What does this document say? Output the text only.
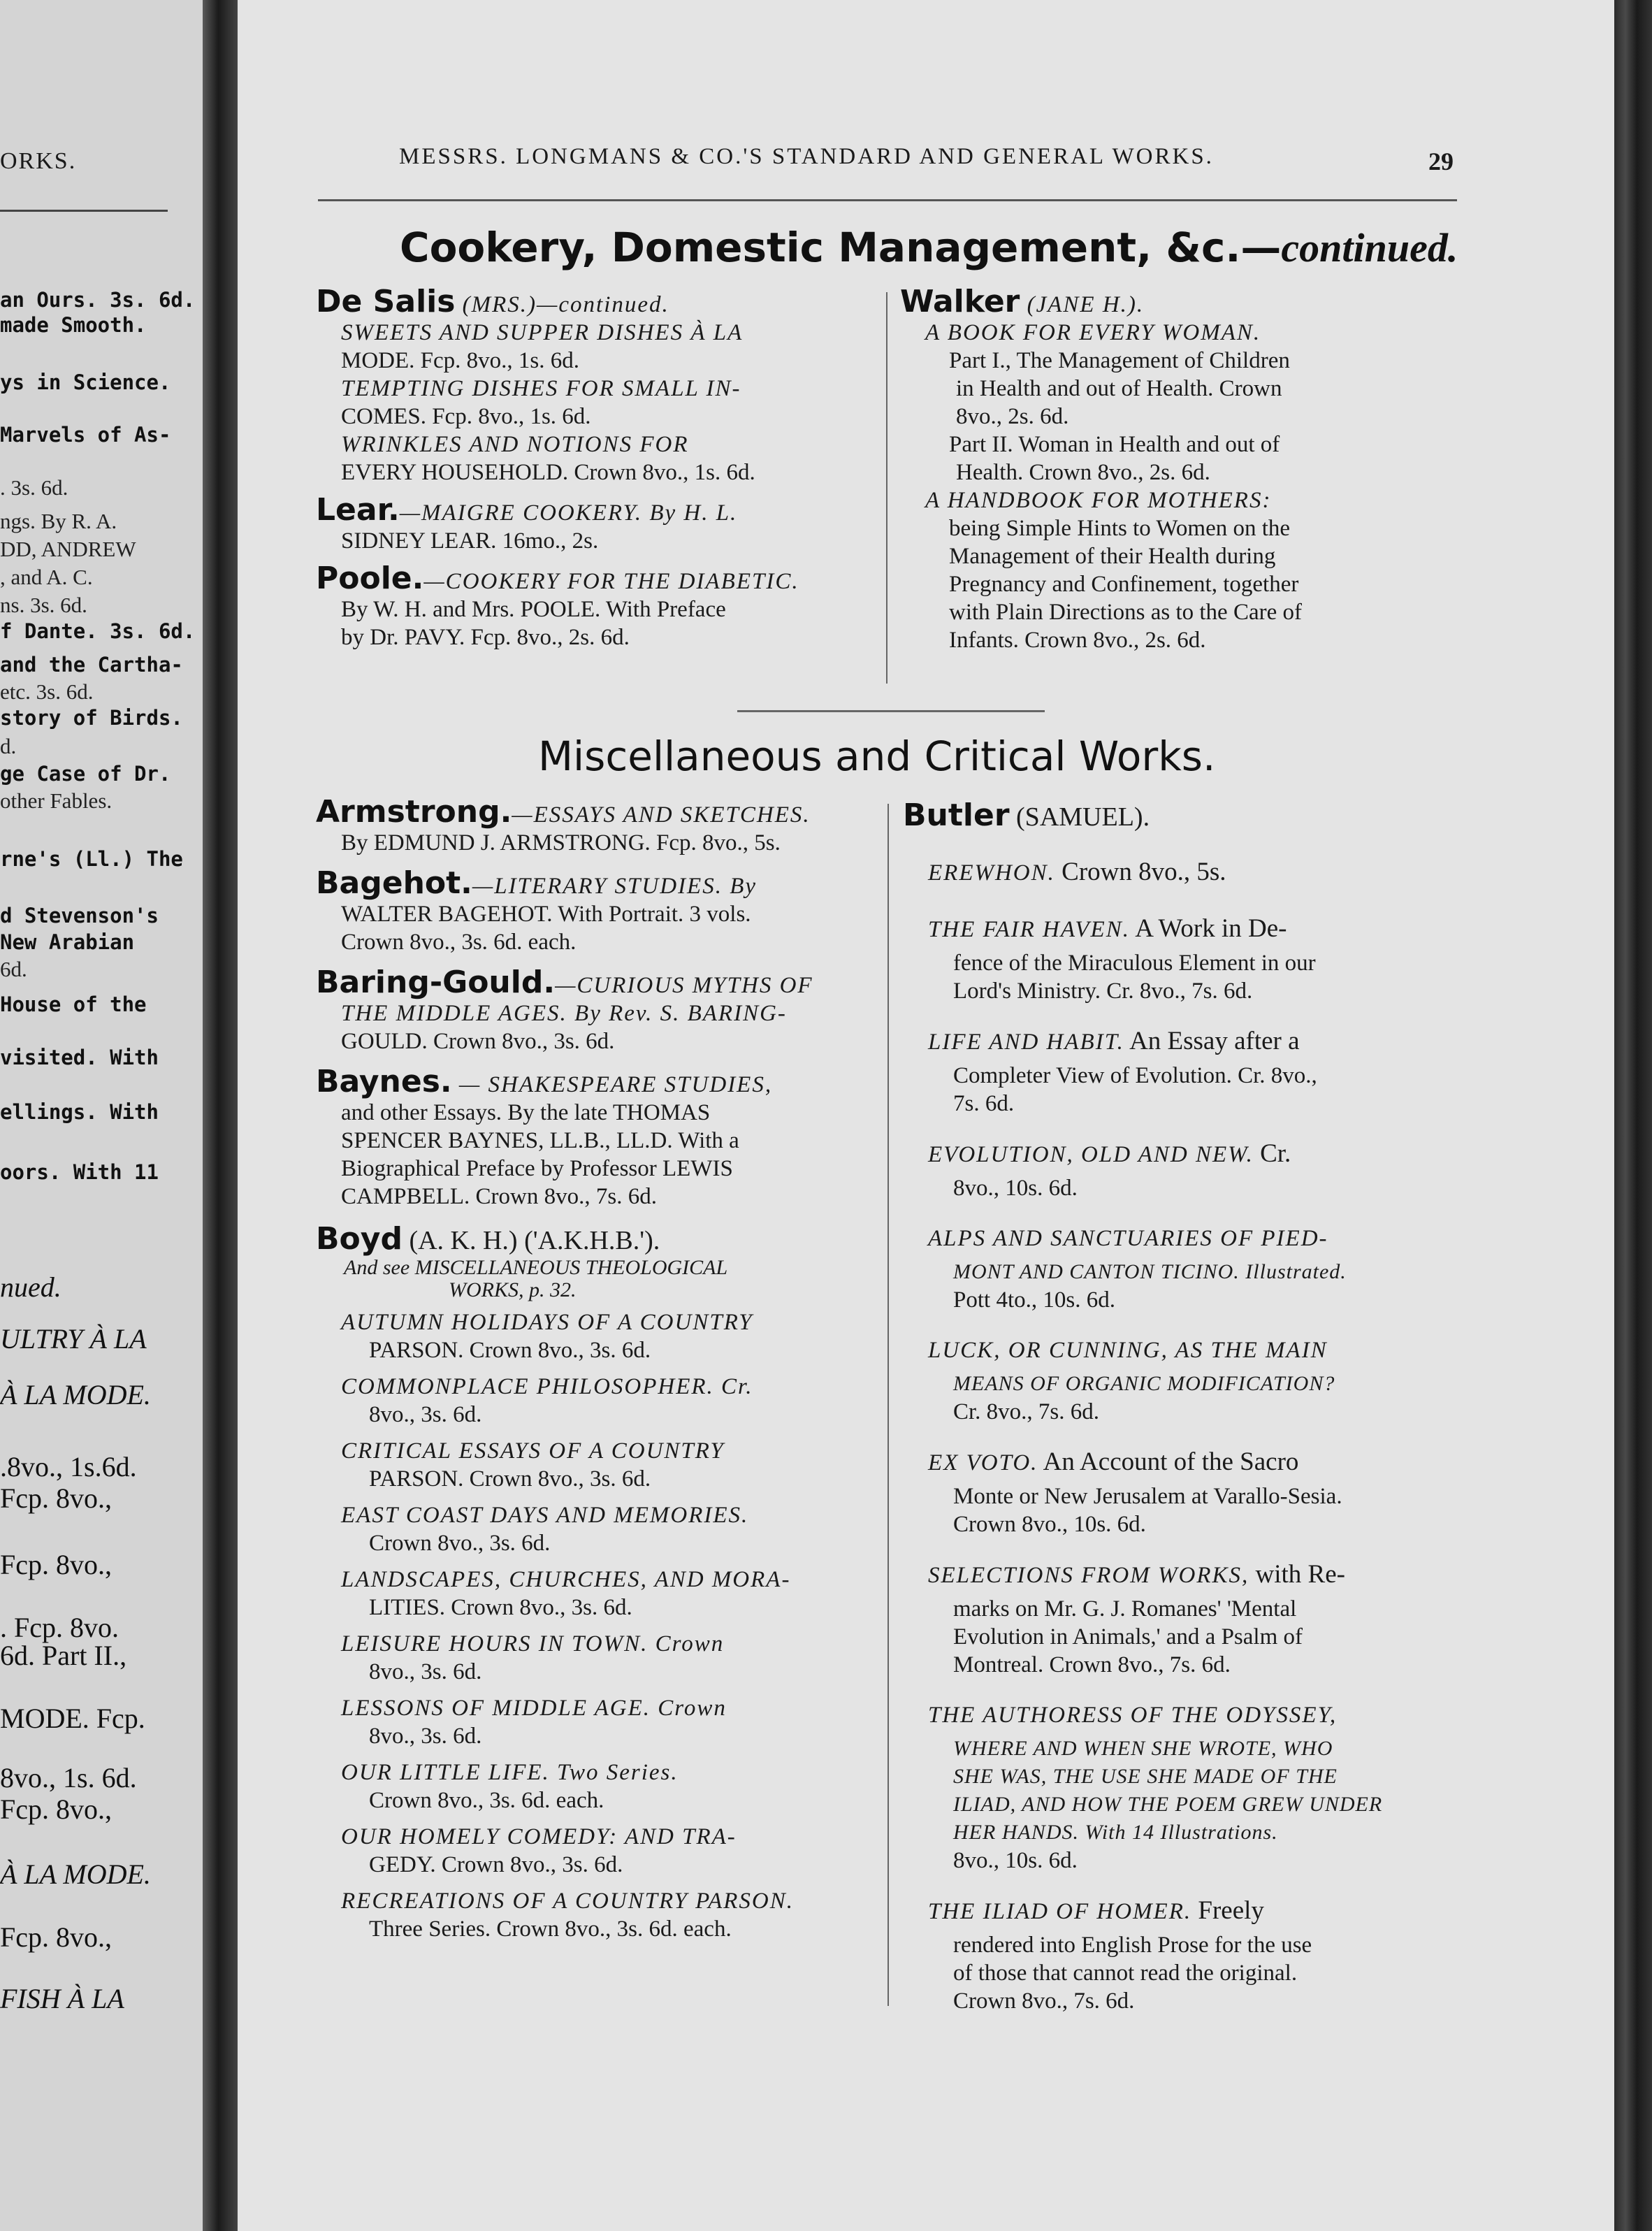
ORKS.
an Ours. 3s. 6d.
made Smooth.
ys in Science.
Marvels of As-
. 3s. 6d.
ngs. By R. A.
DD, ANDREW
, and A. C.
ns. 3s. 6d.
f Dante. 3s. 6d.
and the Cartha-
etc. 3s. 6d.
story of Birds.
d.
ge Case of Dr.
other Fables.
rne's (Ll.) The
d Stevenson's
New Arabian
6d.
House of the
visited. With
ellings. With
oors. With 11
nued.
ULTRY À LA
À LA MODE.
.8vo., 1s.6d.
Fcp. 8vo.,
Fcp. 8vo.,
. Fcp. 8vo.
6d. Part II.,
MODE. Fcp.
8vo., 1s. 6d.
Fcp. 8vo.,
À LA MODE.
Fcp. 8vo.,
FISH À LA
MESSRS. LONGMANS & CO.'S STANDARD AND GENERAL WORKS.	29
Cookery, Domestic Management, &c.—continued.
De Salis (MRS.)—continued.
SWEETS AND SUPPER DISHES À LA
MODE. Fcp. 8vo., 1s. 6d.
TEMPTING DISHES FOR SMALL IN-
COMES. Fcp. 8vo., 1s. 6d.
WRINKLES AND NOTIONS FOR
EVERY HOUSEHOLD. Crown 8vo., 1s. 6d.
Lear.—MAIGRE COOKERY. By H. L.
SIDNEY LEAR. 16mo., 2s.
Poole.—COOKERY FOR THE DIABETIC.
By W. H. and Mrs. POOLE. With Preface
by Dr. PAVY. Fcp. 8vo., 2s. 6d.
Walker (JANE H.).
A BOOK FOR EVERY WOMAN.
Part I., The Management of Children
in Health and out of Health. Crown
8vo., 2s. 6d.
Part II. Woman in Health and out of
Health. Crown 8vo., 2s. 6d.
A HANDBOOK FOR MOTHERS:
being Simple Hints to Women on the
Management of their Health during
Pregnancy and Confinement, together
with Plain Directions as to the Care of
Infants. Crown 8vo., 2s. 6d.
Miscellaneous and Critical Works.
Armstrong.—ESSAYS AND SKETCHES.
By EDMUND J. ARMSTRONG. Fcp. 8vo., 5s.
Bagehot.—LITERARY STUDIES. By
WALTER BAGEHOT. With Portrait. 3 vols.
Crown 8vo., 3s. 6d. each.
Baring-Gould.—CURIOUS MYTHS OF
THE MIDDLE AGES. By Rev. S. BARING-
GOULD. Crown 8vo., 3s. 6d.
Baynes. — SHAKESPEARE STUDIES,
and other Essays. By the late THOMAS
SPENCER BAYNES, LL.B., LL.D. With a
Biographical Preface by Professor LEWIS
CAMPBELL. Crown 8vo., 7s. 6d.
Boyd (A. K. H.) ('A.K.H.B.').
And see MISCELLANEOUS THEOLOGICAL
WORKS, p. 32.
AUTUMN HOLIDAYS OF A COUNTRY
PARSON. Crown 8vo., 3s. 6d.
COMMONPLACE PHILOSOPHER. Cr.
8vo., 3s. 6d.
CRITICAL ESSAYS OF A COUNTRY
PARSON. Crown 8vo., 3s. 6d.
EAST COAST DAYS AND MEMORIES.
Crown 8vo., 3s. 6d.
LANDSCAPES, CHURCHES, AND MORA-
LITIES. Crown 8vo., 3s. 6d.
LEISURE HOURS IN TOWN. Crown
8vo., 3s. 6d.
LESSONS OF MIDDLE AGE. Crown
8vo., 3s. 6d.
OUR LITTLE LIFE. Two Series.
Crown 8vo., 3s. 6d. each.
OUR HOMELY COMEDY: AND TRA-
GEDY. Crown 8vo., 3s. 6d.
RECREATIONS OF A COUNTRY PARSON.
Three Series. Crown 8vo., 3s. 6d. each.
Butler (SAMUEL).
EREWHON. Crown 8vo., 5s.
THE FAIR HAVEN. A Work in De-
fence of the Miraculous Element in our
Lord's Ministry. Cr. 8vo., 7s. 6d.
LIFE AND HABIT. An Essay after a
Completer View of Evolution. Cr. 8vo.,
7s. 6d.
EVOLUTION, OLD AND NEW. Cr.
8vo., 10s. 6d.
ALPS AND SANCTUARIES OF PIED-
MONT AND CANTON TICINO. Illustrated.
Pott 4to., 10s. 6d.
LUCK, OR CUNNING, AS THE MAIN
MEANS OF ORGANIC MODIFICATION?
Cr. 8vo., 7s. 6d.
EX VOTO. An Account of the Sacro
Monte or New Jerusalem at Varallo-Sesia.
Crown 8vo., 10s. 6d.
SELECTIONS FROM WORKS, with Re-
marks on Mr. G. J. Romanes' 'Mental
Evolution in Animals,' and a Psalm of
Montreal. Crown 8vo., 7s. 6d.
THE AUTHORESS OF THE ODYSSEY,
WHERE AND WHEN SHE WROTE, WHO
SHE WAS, THE USE SHE MADE OF THE
ILIAD, AND HOW THE POEM GREW UNDER
HER HANDS. With 14 Illustrations.
8vo., 10s. 6d.
THE ILIAD OF HOMER. Freely
rendered into English Prose for the use
of those that cannot read the original.
Crown 8vo., 7s. 6d.
